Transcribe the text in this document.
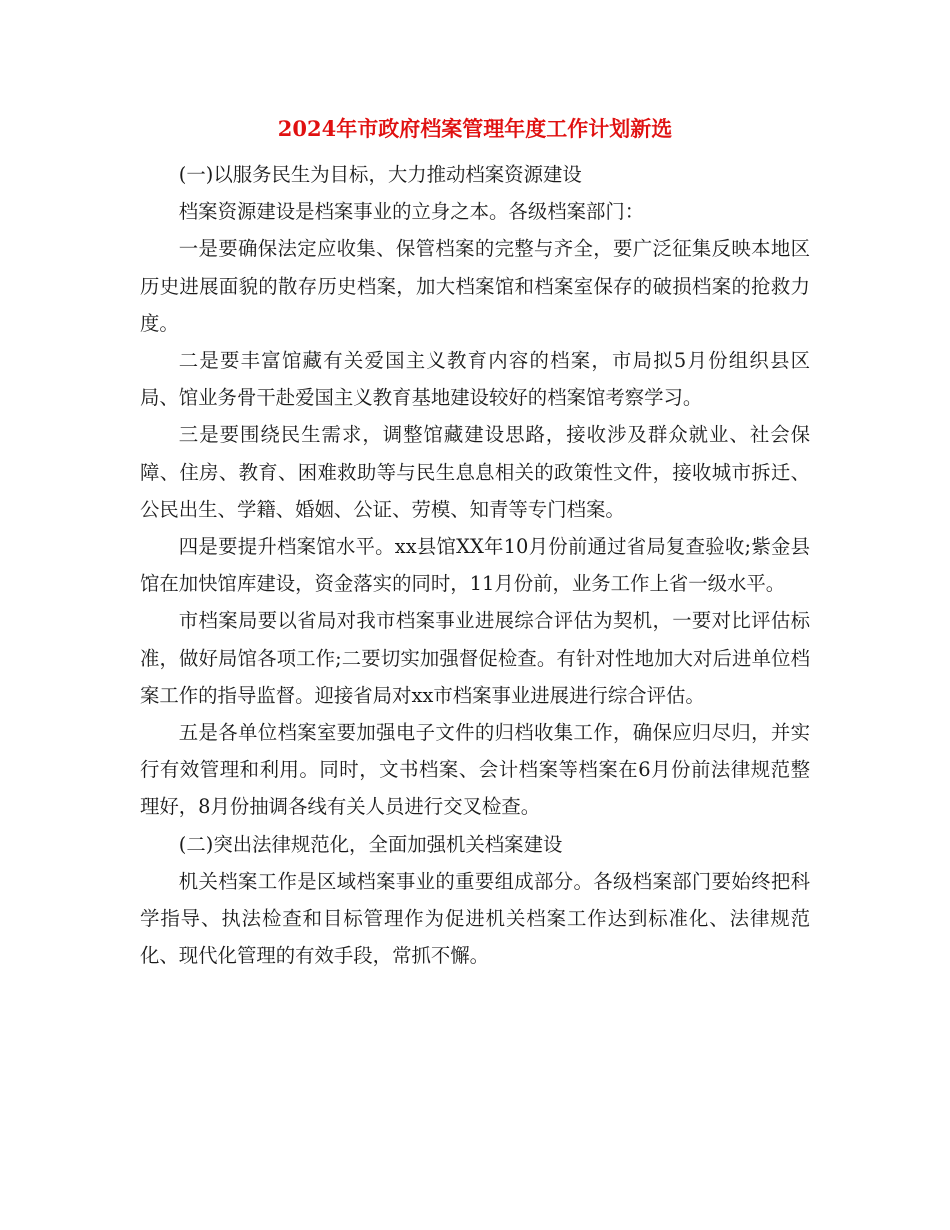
2024年市政府档案管理年度工作计划新选

(一)以服务民生为目标，大力推动档案资源建设

档案资源建设是档案事业的立身之本。各级档案部门：

一是要确保法定应收集、保管档案的完整与齐全，要广泛征集反映本地区历史进展面貌的散存历史档案，加大档案馆和档案室保存的破损档案的抢救力度。

二是要丰富馆藏有关爱国主义教育内容的档案，市局拟5月份组织县区局、馆业务骨干赴爱国主义教育基地建设较好的档案馆考察学习。

三是要围绕民生需求，调整馆藏建设思路，接收涉及群众就业、社会保障、住房、教育、困难救助等与民生息息相关的政策性文件，接收城市拆迁、公民出生、学籍、婚姻、公证、劳模、知青等专门档案。

四是要提升档案馆水平。xx县馆XX年10月份前通过省局复查验收;紫金县馆在加快馆库建设，资金落实的同时，11月份前，业务工作上省一级水平。

市档案局要以省局对我市档案事业进展综合评估为契机，一要对比评估标准，做好局馆各项工作;二要切实加强督促检查。有针对性地加大对后进单位档案工作的指导监督。迎接省局对xx市档案事业进展进行综合评估。

五是各单位档案室要加强电子文件的归档收集工作，确保应归尽归，并实行有效管理和利用。同时，文书档案、会计档案等档案在6月份前法律规范整理好，8月份抽调各线有关人员进行交叉检查。

(二)突出法律规范化，全面加强机关档案建设

机关档案工作是区域档案事业的重要组成部分。各级档案部门要始终把科学指导、执法检查和目标管理作为促进机关档案工作达到标准化、法律规范化、现代化管理的有效手段，常抓不懈。
